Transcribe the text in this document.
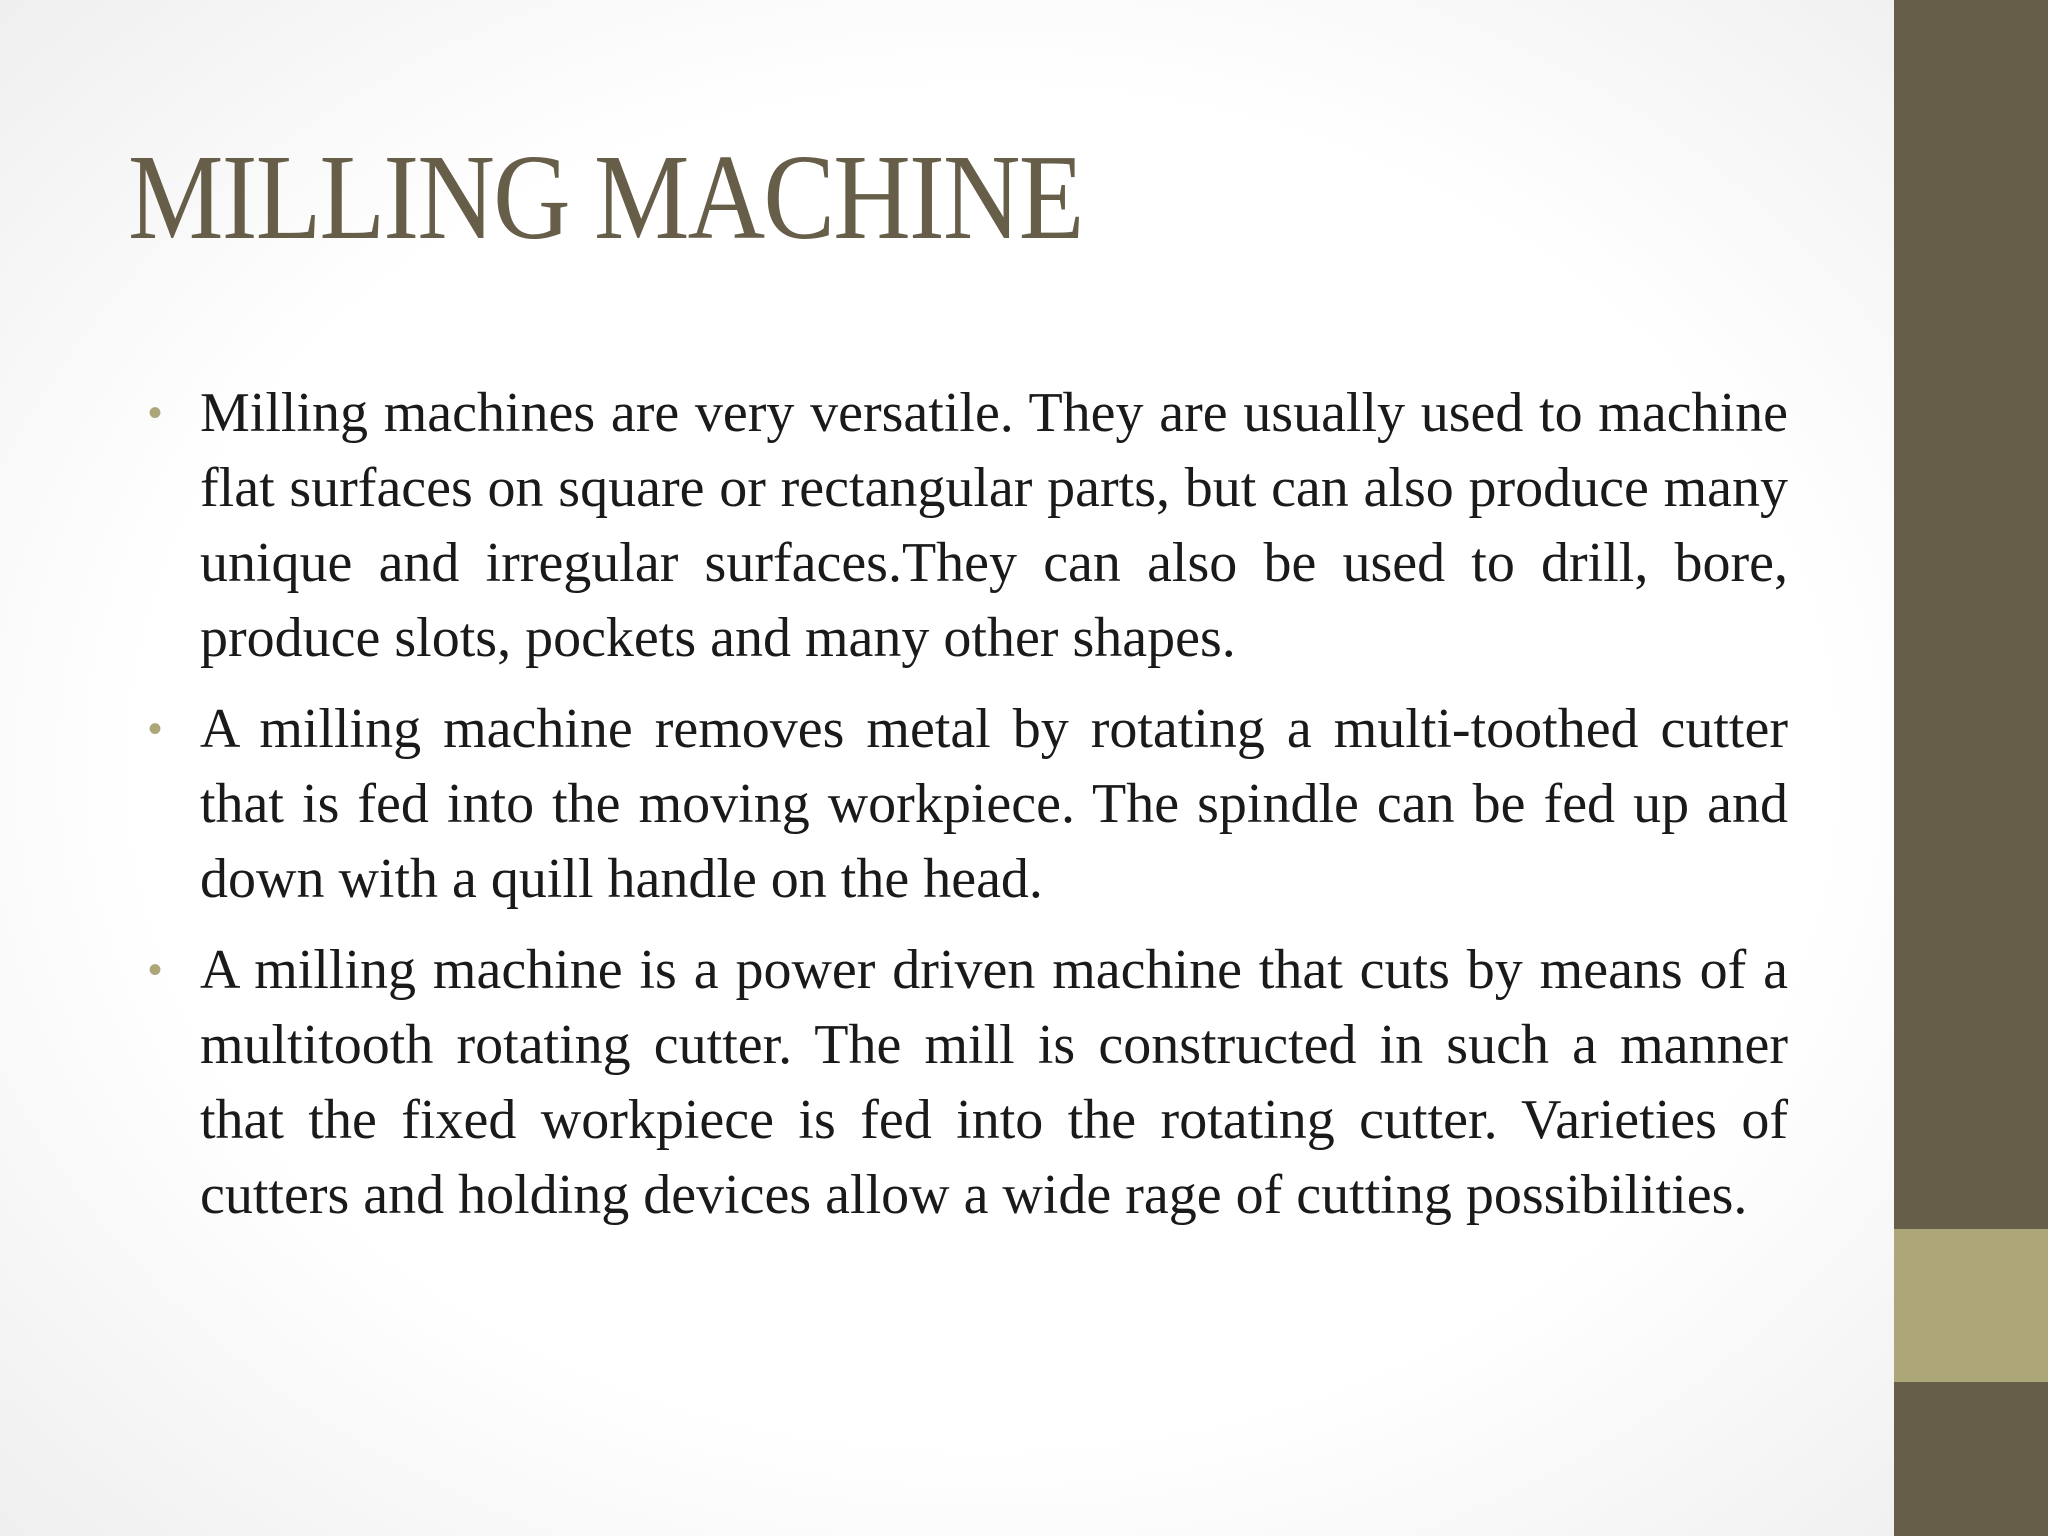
MILLING MACHINE
• Milling machines are very versatile. They are usually used to machine flat surfaces on square or rectangular parts, but can also produce many unique and irregular surfaces.They can also be used to drill, bore, produce slots, pockets and many other shapes.
• A milling machine removes metal by rotating a multi-toothed cutter that is fed into the moving workpiece. The spindle can be fed up and down with a quill handle on the head.
• A milling machine is a power driven machine that cuts by means of a multitooth rotating cutter. The mill is constructed in such a manner that the fixed workpiece is fed into the rotating cutter. Varieties of cutters and holding devices allow a wide rage of cutting possibilities.
